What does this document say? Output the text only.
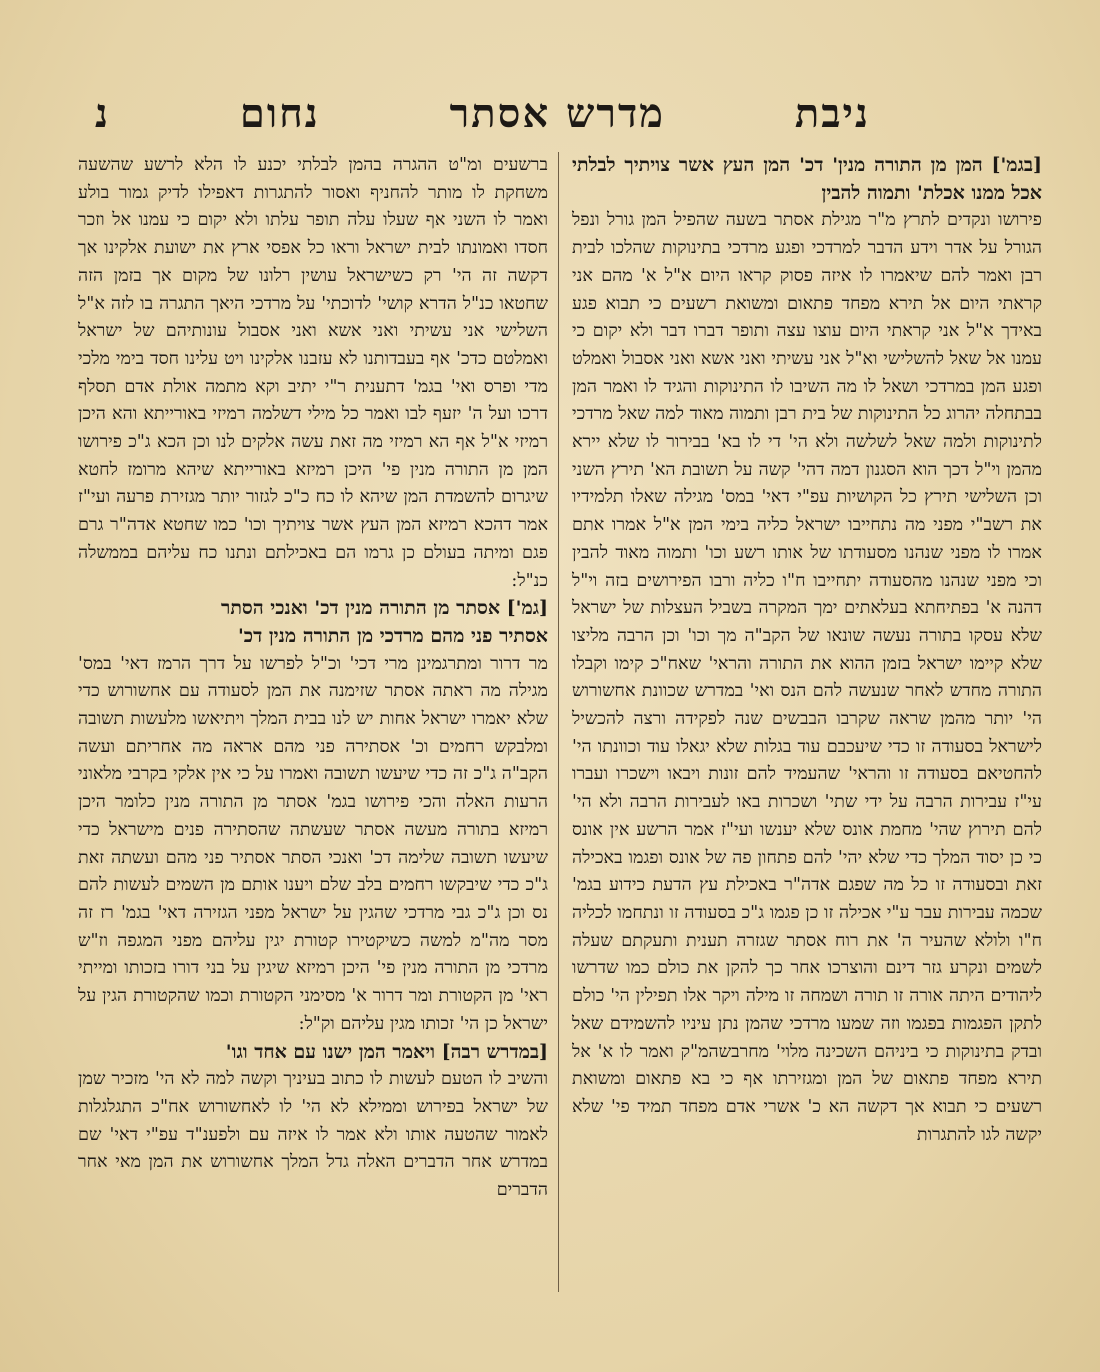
ניבת
מדרש אסתר
נחום
נ

[בגמ'] המן מן התורה מנין' דכ' המן העץ אשר צויתיך לבלתי אכל ממנו אכלת' ותמוה להבין

פירושו ונקדים לתרץ מ"ר מגילת אסתר בשעה שהפיל המן גורל ונפל הגורל על אדר וידע הדבר למרדכי ופגע מרדכי בתינוקות שהלכו לבית רבן ואמר להם שיאמרו לו איזה פסוק קראו היום א"ל א' מהם אני קראתי היום אל תירא מפחד פתאום ומשואת רשעים כי תבוא פגע באידך א"ל אני קראתי היום עוצו עצה ותופר דברו דבר ולא יקום כי עמנו אל שאל להשלישי וא"ל אני עשיתי ואני אשא ואני אסבול ואמלט ופגע המן במרדכי ושאל לו מה השיבו לו התינוקות והגיד לו ואמר המן בבתחלה יהרוג כל התינוקות של בית רבן ותמוה מאוד למה שאל מרדכי לתינוקות ולמה שאל לשלשה ולא הי' די לו בא' בבירור לו שלא יירא מהמן וי"ל דכך הוא הסגנון דמה דהי' קשה על תשובת הא' תירץ השני וכן השלישי תירץ כל הקושיות עפ"י דאי' במס' מגילה שאלו תלמידיו את רשב"י מפני מה נתחייבו ישראל כליה בימי המן א"ל אמרו אתם אמרו לו מפני שנהנו מסעודתו של אותו רשע וכו' ותמוה מאוד להבין וכי מפני שנהנו מהסעודה יתחייבו ח"ו כליה ורבו הפירושים בזה וי"ל דהנה א' בפתיחתא בעלאתים ימך המקרה בשביל העצלות של ישראל שלא עסקו בתורה נעשה שונאו של הקב"ה מך וכו' וכן הרבה מליצו שלא קיימו ישראל בזמן ההוא את התורה והראי' שאח"כ קימו וקבלו התורה מחדש לאחר שנעשה להם הנס ואי' במדרש שכוונת אחשורוש הי' יותר מהמן שראה שקרבו הבבשים שנה לפקידה ורצה להכשיל לישראל בסעודה זו כדי שיעכבם עוד בגלות שלא יגאלו עוד וכוונתו הי' להחטיאם בסעודה זו והראי' שהעמיד להם זונות ויבאו וישכרו ועברו עי"ז עבירות הרבה על ידי שתי' ושכרות באו לעבירות הרבה ולא הי' להם תירוץ שהי' מחמת אונס שלא יענשו ועי"ז אמר הרשע אין אונס כי כן יסוד המלך כדי שלא יהי' להם פתחון פה של אונס ופגמו באכילה זאת ובסעודה זו כל מה שפגם אדה"ר באכילת עץ הדעת כידוע בגמ' שכמה עבירות עבר ע"י אכילה זו כן פגמו ג"כ בסעודה זו ונתחמו לכליה ח"ו ולולא שהעיר ה' את רוח אסתר שגזרה תענית ותעקתם שעלה לשמים ונקרע גזר דינם והוצרכו אחר כך להקן את כולם כמו שדרשו ליהודים היתה אורה זו תורה ושמחה זו מילה ויקר אלו תפילין הי' כולם לתקן הפגמות בפגמו וזה שמעו מרדכי שהמן נתן עיניו להשמידם שאל ובדק בתינוקות כי ביניהם השכינה מלוי' מחרבשהמ"ק ואמר לו א' אל תירא מפחד פתאום של המן ומגזירתו אף כי בא פתאום ומשואת רשעים כי תבוא אך דקשה הא כ' אשרי אדם מפחד תמיד פי' שלא יקשה לגו להתגרות

ברשעים ומ"ט ההגרה בהמן לבלתי יכנע לו הלא לרשע שהשעה משחקת לו מותר להחניף ואסור להתגרות דאפילו לדיק גמור בולע ואמר לו השני אף שעלו עלה תופר עלתו ולא יקום כי עמנו אל וזכר חסדו ואמונתו לבית ישראל וראו כל אפסי ארץ את ישועת אלקינו אך דקשה זה הי' רק כשישראל עושין רלונו של מקום אך בזמן הזה שחטאו כנ"ל הדרא קושי' לדוכתי' על מרדכי היאך התגרה בו לזה א"ל השלישי אני עשיתי ואני אשא ואני אסבול עונותיהם של ישראל ואמלטם כדכ' אף בעבדותנו לא עזבנו אלקינו ויט עלינו חסד בימי מלכי מדי ופרס ואי' בגמ' דתענית ר"י יתיב וקא מתמה אולת אדם תסלף דרכו ועל ה' יזעף לבו ואמר כל מילי דשלמה רמיזי באורייתא והא היכן רמיזי א"ל אף הא רמיזי מה זאת עשה אלקים לנו וכן הכא ג"כ פירושו המן מן התורה מנין פי' היכן רמיזא באורייתא שיהא מרומז לחטא שיגרום להשמדת המן שיהא לו כח כ"כ לגזור יותר מגזירת פרעה ועי"ז אמר דהכא רמיזא המן העץ אשר צויתיך וכו' כמו שחטא אדה"ר גרם פגם ומיתה בעולם כן גרמו הם באכילתם ונתנו כח עליהם בממשלה כנ"ל:

[גמ'] אסתר מן התורה מנין דכ' ואנכי הסתר

אסתיר פני מהם מרדכי מן התורה מנין דכ'

מר דרור ומתרגמינן מרי דכי' וכ"ל לפרשו על דרך הרמז דאי' במס' מגילה מה ראתה אסתר שזימנה את המן לסעודה עם אחשורוש כדי שלא יאמרו ישראל אחות יש לנו בבית המלך ויתיאשו מלעשות תשובה ומלבקש רחמים וכ' אסתירה פני מהם אראה מה אחריתם ועשה הקב"ה ג"כ זה כדי שיעשו תשובה ואמרו על כי אין אלקי בקרבי מלאוני הרעות האלה והכי פירושו בגמ' אסתר מן התורה מנין כלומר היכן רמיזא בתורה מעשה אסתר שעשתה שהסתירה פנים מישראל כדי שיעשו תשובה שלימה דכ' ואנכי הסתר אסתיר פני מהם ועשתה זאת ג"כ כדי שיבקשו רחמים בלב שלם ויענו אותם מן השמים לעשות להם נס וכן ג"כ גבי מרדכי שהגין על ישראל מפני הגזירה דאי' בגמ' רז זה מסר מה"מ למשה כשיקטירו קטורת יגין עליהם מפני המגפה וז"ש מרדכי מן התורה מנין פי' היכן רמיזא שיגין על בני דורו בזכותו ומייתי ראי' מן הקטורת ומר דרור א' מסימני הקטורת וכמו שהקטורת הגין על ישראל כן הי' זכותו מגין עליהם וק"ל:

[במדרש רבה] ויאמר המן ישנו עם אחד וגו'

והשיב לו הטעם לעשות לו כתוב בעיניך וקשה למה לא הי' מזכיר שמן של ישראל בפירוש וממילא לא הי' לו לאחשורוש אח"כ התגלגלות לאמור שהטעה אותו ולא אמר לו איזה עם ולפענ"ד עפ"י דאי' שם במדרש אחר הדברים האלה גדל המלך אחשורוש את המן מאי אחר הדברים
